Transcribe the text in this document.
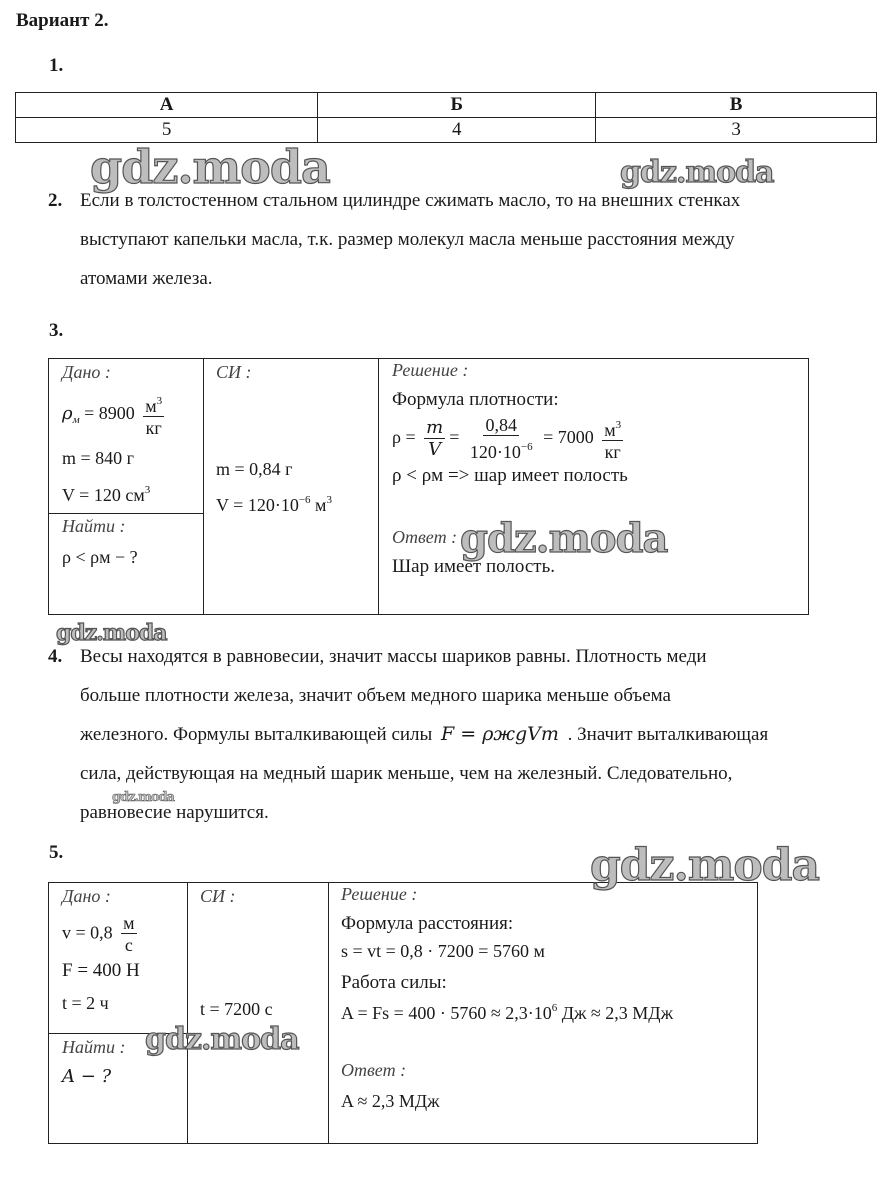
Вариант 2.
1.
А	Б	В
5	4	3
gdz.moda	gdz.moda
2. Если в толстостенном стальном цилиндре сжимать масло, то на внешних стенках
выступают капельки масла, т.к. размер молекул масла меньше расстояния между
атомами железа.
3.
Дано :
$\rho_м = 8900 \frac{м^3}{кг}$
m = 840 г
V = 120 $см^3$
Найти :
ρ < ρм − ?
СИ :
m = 0,84 г
$V = 120\cdot 10^{-6}$ $м^3$
Решение :
Формула плотности:
$\rho = \frac{m}{V} = \frac{0,84}{120\cdot 10^{-6}} = 7000 \frac{м^3}{кг}$
ρ < ρм => шар имеет полость
Ответ :
Шар имеет полость.
gdz.moda
gdz.moda
4. Весы находятся в равновесии, значит массы шариков равны. Плотность меди
больше плотности железа, значит объем медного шарика меньше объема
железного. Формулы выталкивающей силы F = ρжgVт . Значит выталкивающая
сила, действующая на медный шарик меньше, чем на железный. Следовательно,
равновесие нарушится.
gdz.moda
5.
Дано :
$v = 0,8 \frac{м}{с}$
F = 400 Н
t = 2 ч
Найти :
A − ?
СИ :
t = 7200 с
Решение :
Формула расстояния:
s = vt = 0,8 · 7200 = 5760 м
Работа силы:
$A = Fs = 400 \cdot 5760 \approx 2,3\cdot 10^6$ Дж ≈ 2,3 МДж
Ответ :
A ≈ 2,3 МДж
gdz.moda
gdz.moda
